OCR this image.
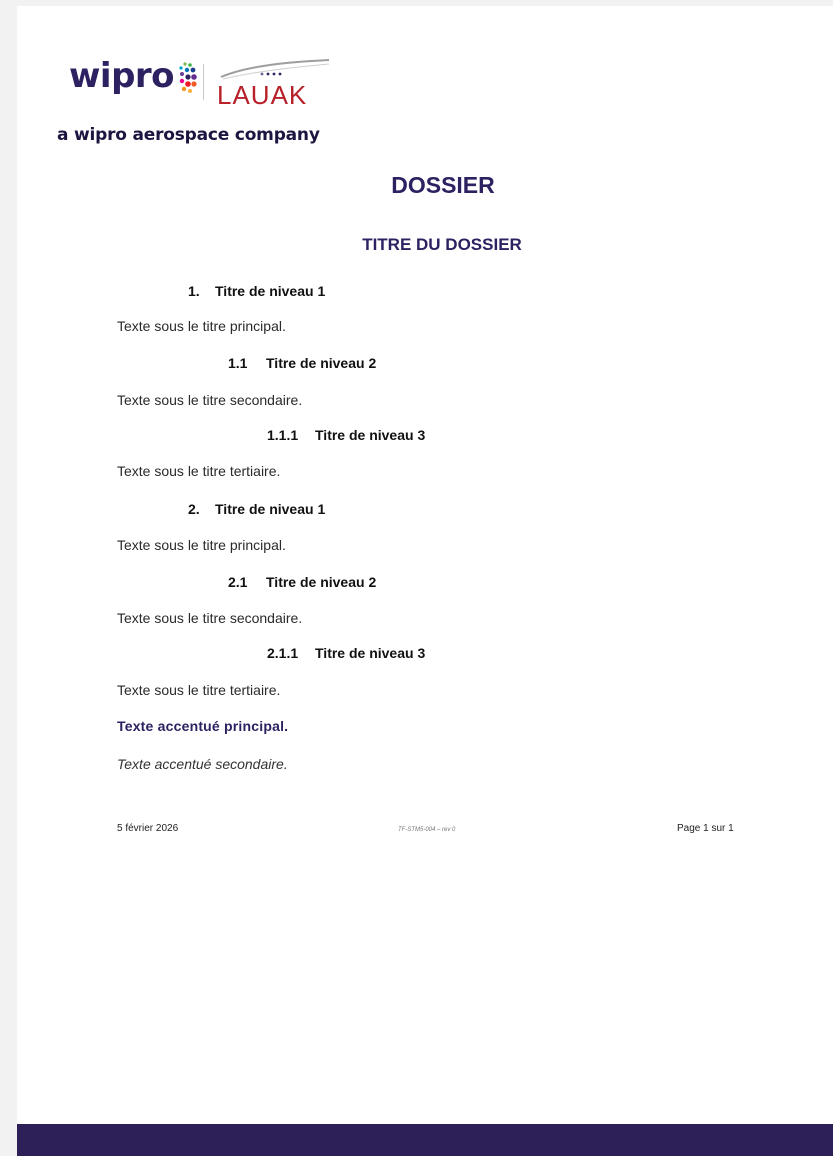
wipro LAUAK
a wipro aerospace company
DOSSIER
TITRE DU DOSSIER
1. Titre de niveau 1
Texte sous le titre principal.
1.1 Titre de niveau 2
Texte sous le titre secondaire.
1.1.1 Titre de niveau 3
Texte sous le titre tertiaire.
2. Titre de niveau 1
Texte sous le titre principal.
2.1 Titre de niveau 2
Texte sous le titre secondaire.
2.1.1 Titre de niveau 3
Texte sous le titre tertiaire.
Texte accentué principal.
Texte accentué secondaire.
5 février 2026	TF-STM5-004 – rev 0	Page 1 sur 1
